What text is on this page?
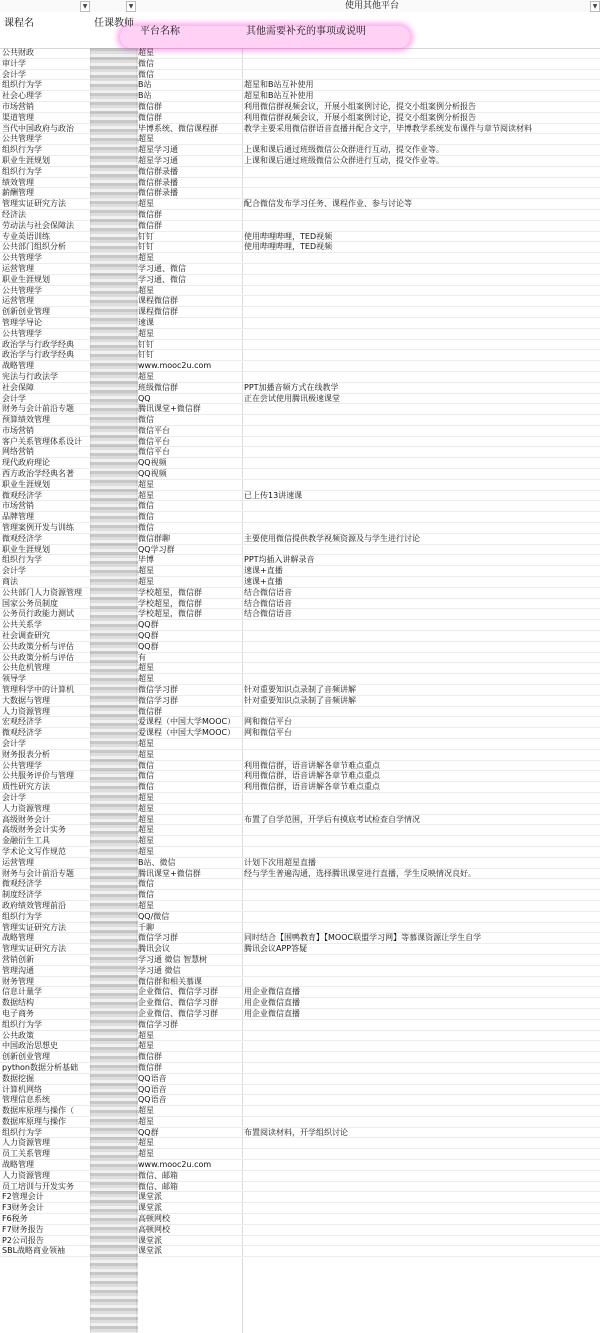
▼	▼	使用其他平台	▼
课程名	任课教师
平台名称	其他需要补充的事项或说明
公共财政	超星
审计学	微信
会计学	微信
组织行为学	B站	超星和B站互补使用
社会心理学	B站	超星和B站互补使用
市场营销	微信群	利用微信群视频会议，开展小组案例讨论，提交小组案例分析报告
渠道管理	微信群	利用微信群视频会议，开展小组案例讨论，提交小组案例分析报告
当代中国政府与政治	毕博系统、微信课程群	教学主要采用微信群语音直播并配合文字，毕博教学系统发布课件与章节阅读材料
公共管理学	超星
组织行为学	超星学习通	上课和课后通过班级微信公众群进行互动，提交作业等。
职业生涯规划	超星学习通	上课和课后通过班级微信公众群进行互动，提交作业等。
组织行为学	微信群录播
绩效管理	微信群录播
薪酬管理	微信群录播
管理实证研究方法	超星	配合微信发布学习任务、课程作业、参与讨论等
经济法	微信群
劳动法与社会保障法	微信群
专业英语训练	钉钉	使用哔哩哔哩，TED视频
公共部门组织分析	钉钉	使用哔哩哔哩，TED视频
公共管理学	超星
运营管理	学习通、微信
职业生涯规划	学习通、微信
公共管理学	超星
运营管理	课程微信群
创新创业管理	课程微信群
管理学导论	速课
公共管理学	超星
政治学与行政学经典	钉钉
政治学与行政学经典	钉钉
战略管理	www.mooc2u.com
宪法与行政法学	超星
社会保障	班级微信群	PPT加播音频方式在线教学
会计学	QQ	正在尝试使用腾讯极速课堂
财务与会计前沿专题	腾讯课堂+微信群
预算绩效管理	微信
市场营销	微信平台
客户关系管理体系设计	微信平台
网络营销	微信平台
现代政府理论	QQ视频
西方政治学经典名著	QQ视频
职业生涯规划	超星
微观经济学	超星	已上传13讲速课
市场营销	微信
品牌管理	微信
管理案例开发与训练	微信
微观经济学	微信群聊	主要使用微信提供教学视频资源及与学生进行讨论
职业生涯规划	QQ学习群
组织行为学	毕博	PPT均插入讲解录音
会计学	超星	速课+直播
商法	超星	速课+直播
公共部门人力资源管理	学校超星，微信群	结合微信语音
国家公务员制度	学校超星，微信群	结合微信语音
公务员行政能力测试	学校超星，微信群	结合微信语音
公共关系学	QQ群
社会调查研究	QQ群
公共政策分析与评估	QQ群
公共政策分析与评估	有
公共危机管理	超星
领导学	超星
管理科学中的计算机	微信学习群	针对重要知识点录制了音频讲解
大数据与管理	微信学习群	针对重要知识点录制了音频讲解
人力资源管理	微信群
宏观经济学	爱课程（中国大学MOOC）	网和微信平台
微观经济学	爱课程（中国大学MOOC）	网和微信平台
会计学	超星
财务报表分析	超星
公共管理学	微信	利用微信群，语音讲解各章节难点重点
公共服务评价与管理	微信	利用微信群，语音讲解各章节难点重点
质性研究方法	微信	利用微信群，语音讲解各章节难点重点
会计学	超星
人力资源管理	超星
高级财务会计	超星	布置了自学范围，开学后有摸底考试检查自学情况
高级财务会计实务	超星
金融衍生工具	超星
学术论文写作规范	超星
运营管理	B站、微信	计划下次用超星直播
财务与会计前沿专题	腾讯课堂+微信群	经与学生普遍沟通，选择腾讯课堂进行直播，学生反映情况良好。
微观经济学	微信
制度经济学	微信
政府绩效管理前沿	超星
组织行为学	QQ/微信
管理实证研究方法	千聊
战略管理	微信学习群	同时结合【围鸭教育】【MOOC联盟学习网】等慕课资源让学生自学
管理实证研究方法	腾讯会议	腾讯会议APP答疑
营销创新	学习通 微信 智慧树
管理沟通	学习通 微信
财务管理	微信群和相关慕课
信息计量学	企业微信、微信学习群	用企业微信直播
数据结构	企业微信、微信学习群	用企业微信直播
电子商务	企业微信、微信学习群	用企业微信直播
组织行为学	微信学习群
公共政策	超星
中国政治思想史	超星
创新创业管理	微信群
python数据分析基础	微信群
数据挖掘	QQ语音
计算机网络	QQ语音
管理信息系统	QQ语音
数据库原理与操作（	超星
数据库原理与操作	超星
组织行为学	QQ群	布置阅读材料，开学组织讨论
人力资源管理	超星
员工关系管理	超星
战略管理	www.mooc2u.com
人力资源管理	微信、邮箱
员工培训与开发实务	微信、邮箱
F2管理会计	课堂派
F3财务会计	课堂派
F6税务	高顿网校
F7财务报告	高顿网校
P2公司报告	课堂派
SBL战略商业领袖	课堂派
